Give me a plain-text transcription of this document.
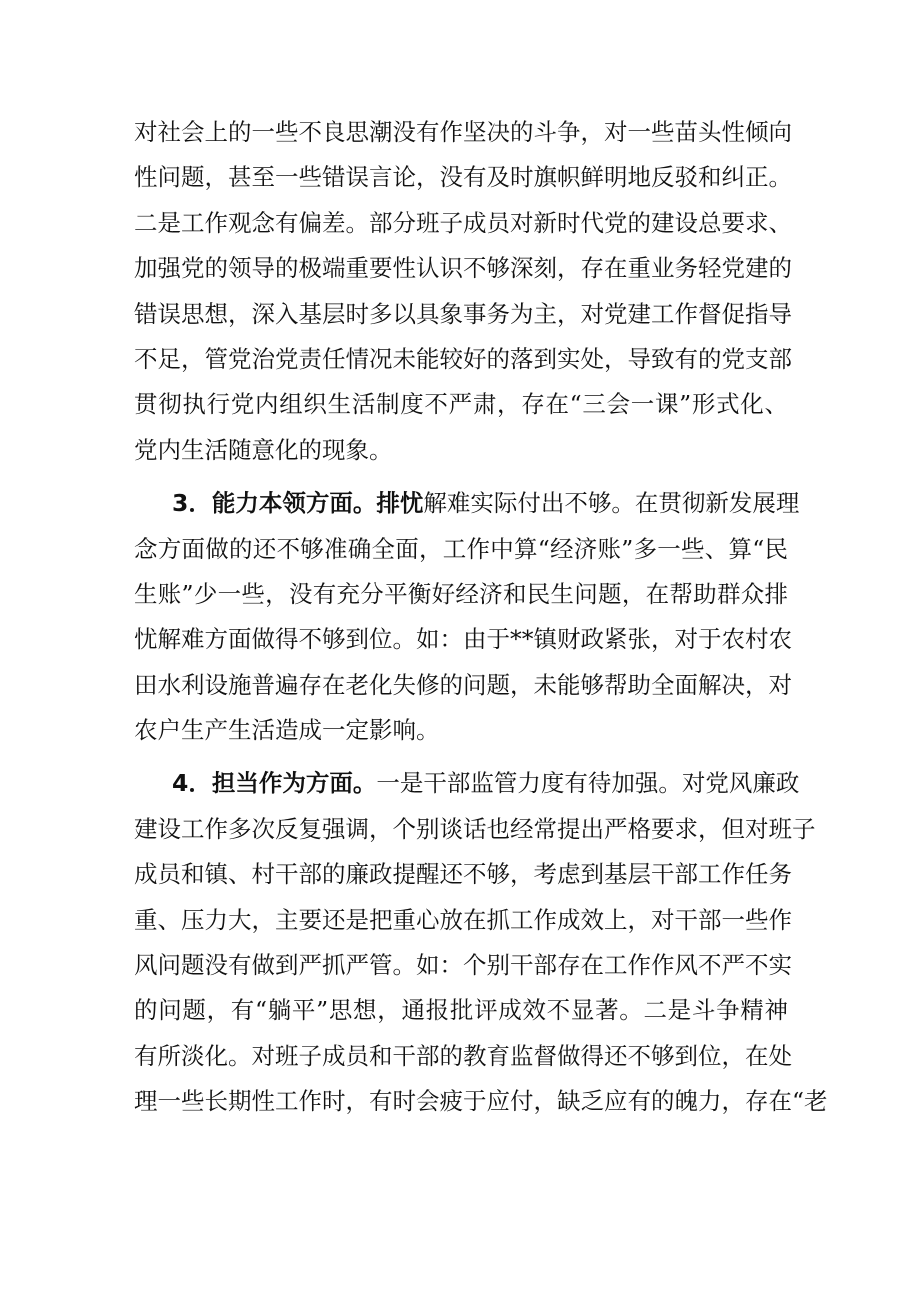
对社会上的一些不良思潮没有作坚决的斗争，对一些苗头性倾向
性问题，甚至一些错误言论，没有及时旗帜鲜明地反驳和纠正。
二是工作观念有偏差。部分班子成员对新时代党的建设总要求、
加强党的领导的极端重要性认识不够深刻，存在重业务轻党建的
错误思想，深入基层时多以具象事务为主，对党建工作督促指导
不足，管党治党责任情况未能较好的落到实处，导致有的党支部
贯彻执行党内组织生活制度不严肃，存在“三会一课”形式化、
党内生活随意化的现象。
3．能力本领方面。排忧解难实际付出不够。在贯彻新发展理
念方面做的还不够准确全面，工作中算“经济账”多一些、算“民
生账”少一些，没有充分平衡好经济和民生问题，在帮助群众排
忧解难方面做得不够到位。如：由于**镇财政紧张，对于农村农
田水利设施普遍存在老化失修的问题，未能够帮助全面解决，对
农户生产生活造成一定影响。
4．担当作为方面。一是干部监管力度有待加强。对党风廉政
建设工作多次反复强调，个别谈话也经常提出严格要求，但对班子
成员和镇、村干部的廉政提醒还不够，考虑到基层干部工作任务
重、压力大，主要还是把重心放在抓工作成效上，对干部一些作
风问题没有做到严抓严管。如：个别干部存在工作作风不严不实
的问题，有“躺平”思想，通报批评成效不显著。二是斗争精神
有所淡化。对班子成员和干部的教育监督做得还不够到位，在处
理一些长期性工作时，有时会疲于应付，缺乏应有的魄力，存在“老
